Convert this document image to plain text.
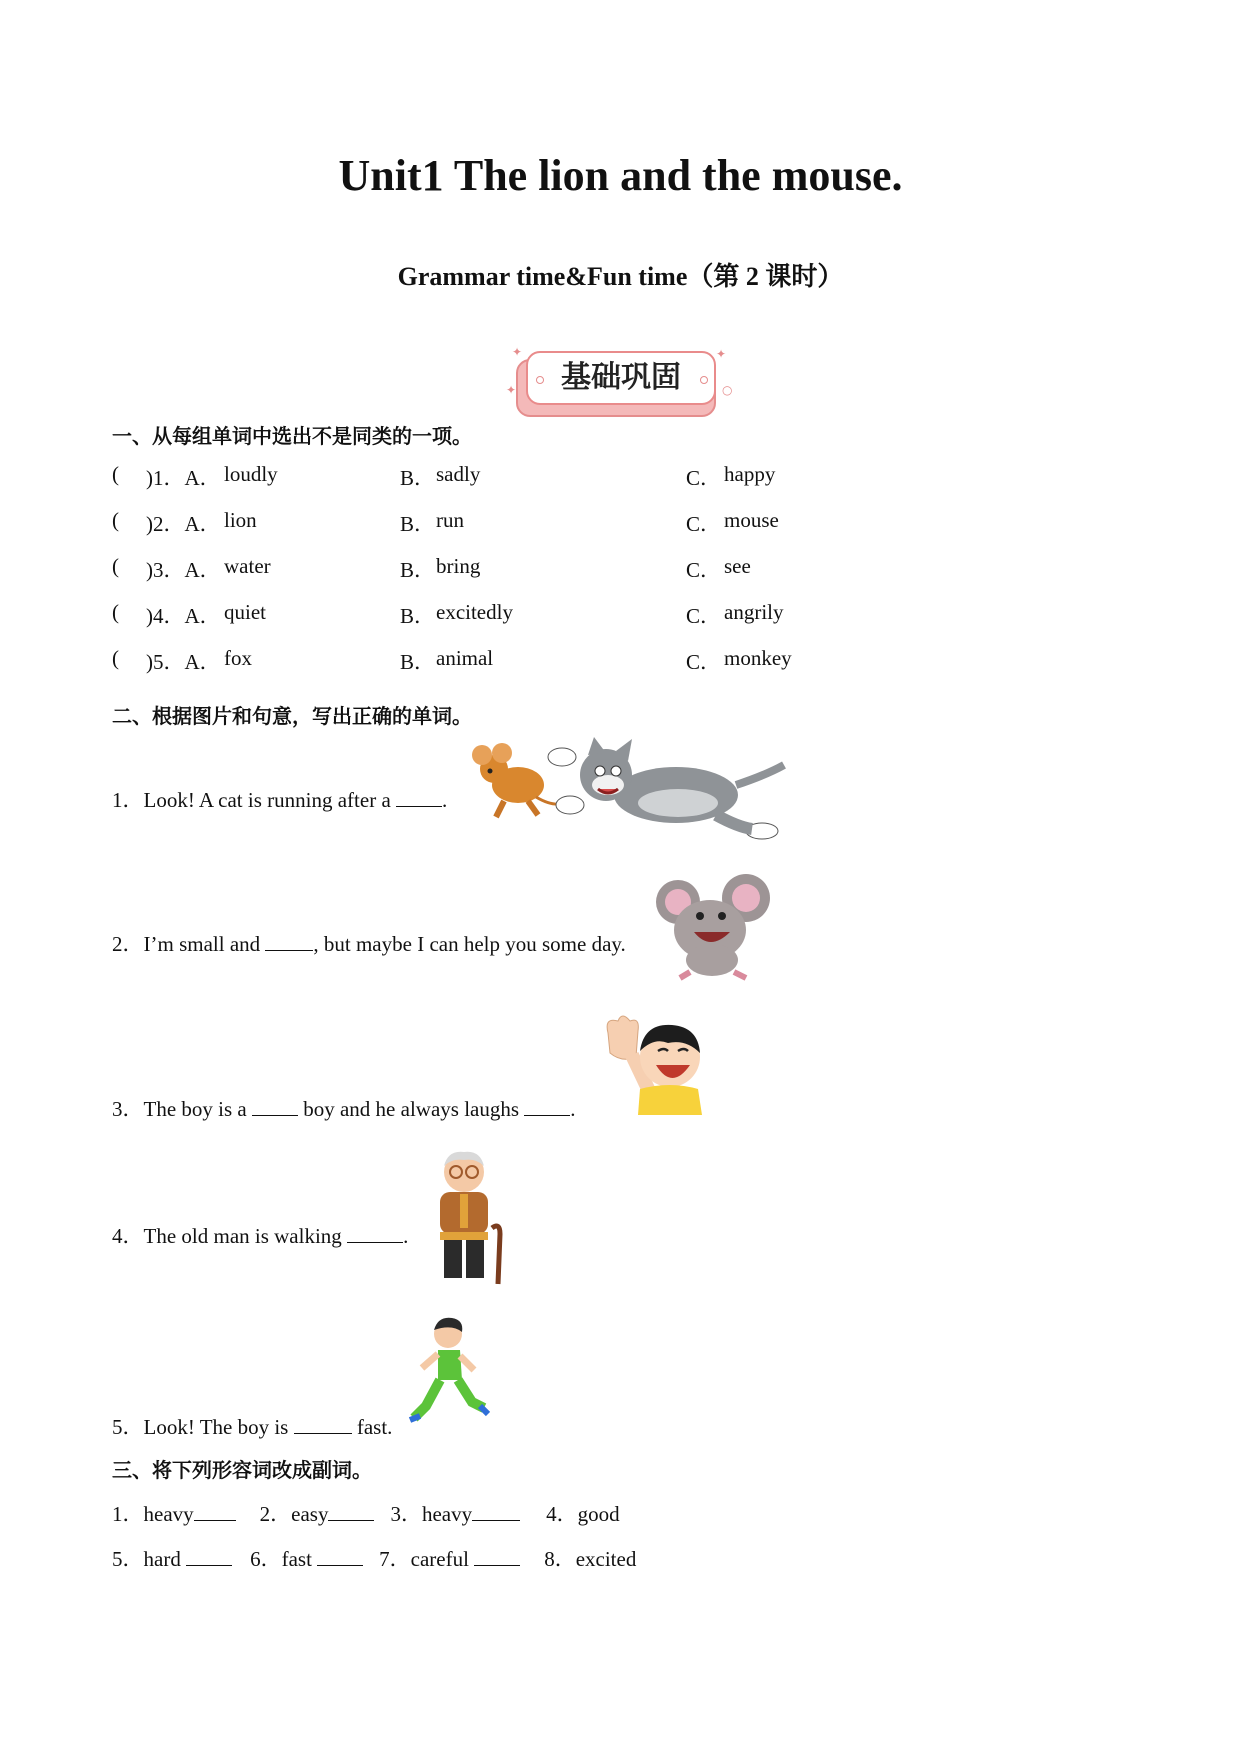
Unit1 The lion and the mouse.
Grammar time&Fun time（第 2 课时）
基础巩固
✦
✦
✦
○
一、从每组单词中选出不是同类的一项。
( )1．A． loudly	B． sadly	C． happy
( )2．A． lion	B． run	C． mouse
( )3．A． water	B． bring	C． see
( )4．A． quiet	B． excitedly	C． angrily
( )5．A． fox	B． animal	C． monkey
二、根据图片和句意，写出正确的单词。
1．Look! A cat is running after a .
2．I’m small and , but maybe I can help you some day.
3．The boy is a  boy and he always laughs .
4．The old man is walking	.
5．Look! The boy is	fast.
三、将下列形容词改成副词。
1．heavy	2．easy	3．heavy	4．good
5．hard	6．fast	7．careful	8．excited
